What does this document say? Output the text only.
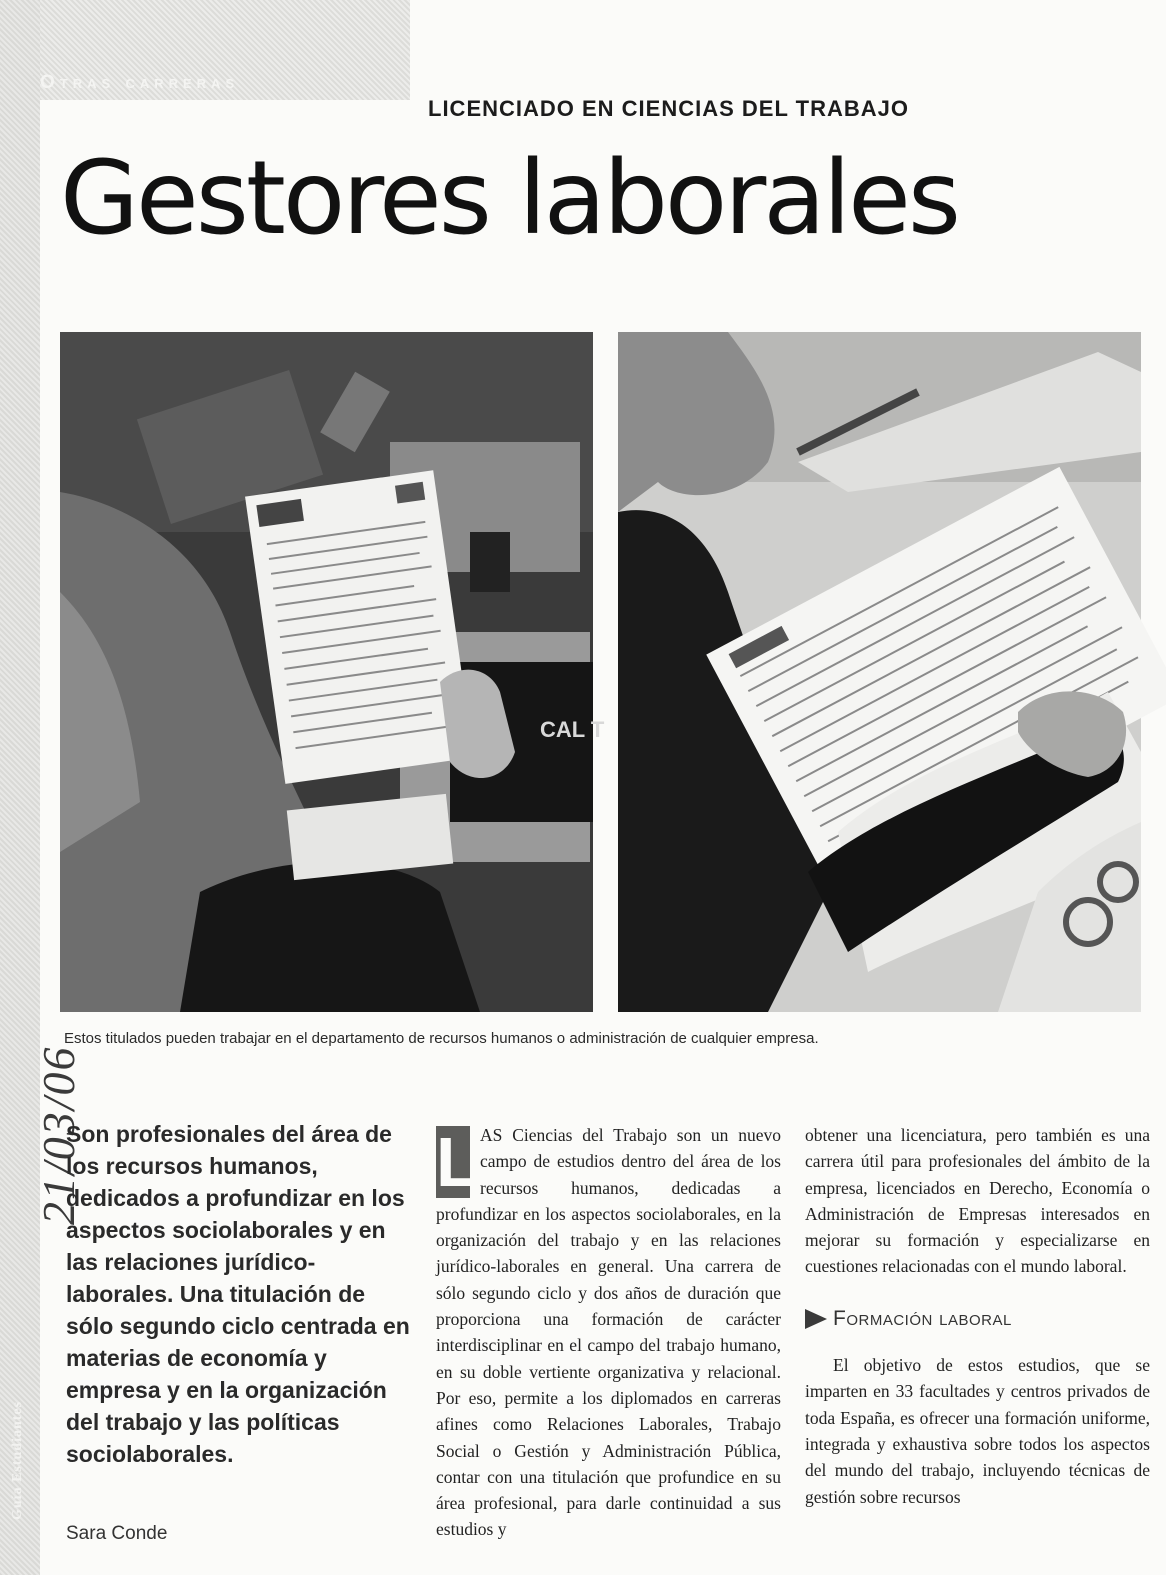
Otras carreras
Guía Estudiantes
21/03/06
LICENCIADO EN CIENCIAS DEL TRABAJO
Gestores laborales
CAL T
Estos titulados pueden trabajar en el departamento de recursos humanos o administración de cualquier empresa.

Son profesionales del área de los recursos humanos, dedicados a profundizar en los aspectos sociolaborales y en las relaciones jurídico-laborales. Una titulación de sólo segundo ciclo centrada en materias de economía y empresa y en la organización del trabajo y las políticas sociolaborales.

Sara Conde
L AS Ciencias del Trabajo son un nuevo campo de estudios dentro del área de los recursos humanos, dedicadas a profundizar en los aspectos sociolaborales, en la organización del trabajo y en las relaciones jurídico-laborales en general. Una carrera de sólo segundo ciclo y dos años de duración que proporciona una formación de carácter interdisciplinar en el campo del trabajo humano, en su doble vertiente organizativa y relacional. Por eso, permite a los diplomados en carreras afines como Relaciones Laborales, Trabajo Social o Gestión y Administración Pública, contar con una titulación que profundice en su área profesional, para darle continuidad a sus estudios y

obtener una licenciatura, pero también es una carrera útil para profesionales del ámbito de la empresa, licenciados en Derecho, Economía o Administración de Empresas interesados en mejorar su formación y especializarse en cuestiones relacionadas con el mundo laboral.

Formación laboral

El objetivo de estos estudios, que se imparten en 33 facultades y centros privados de toda España, es ofrecer una formación uniforme, integrada y exhaustiva sobre todos los aspectos del mundo del trabajo, incluyendo técnicas de gestión sobre recursos
